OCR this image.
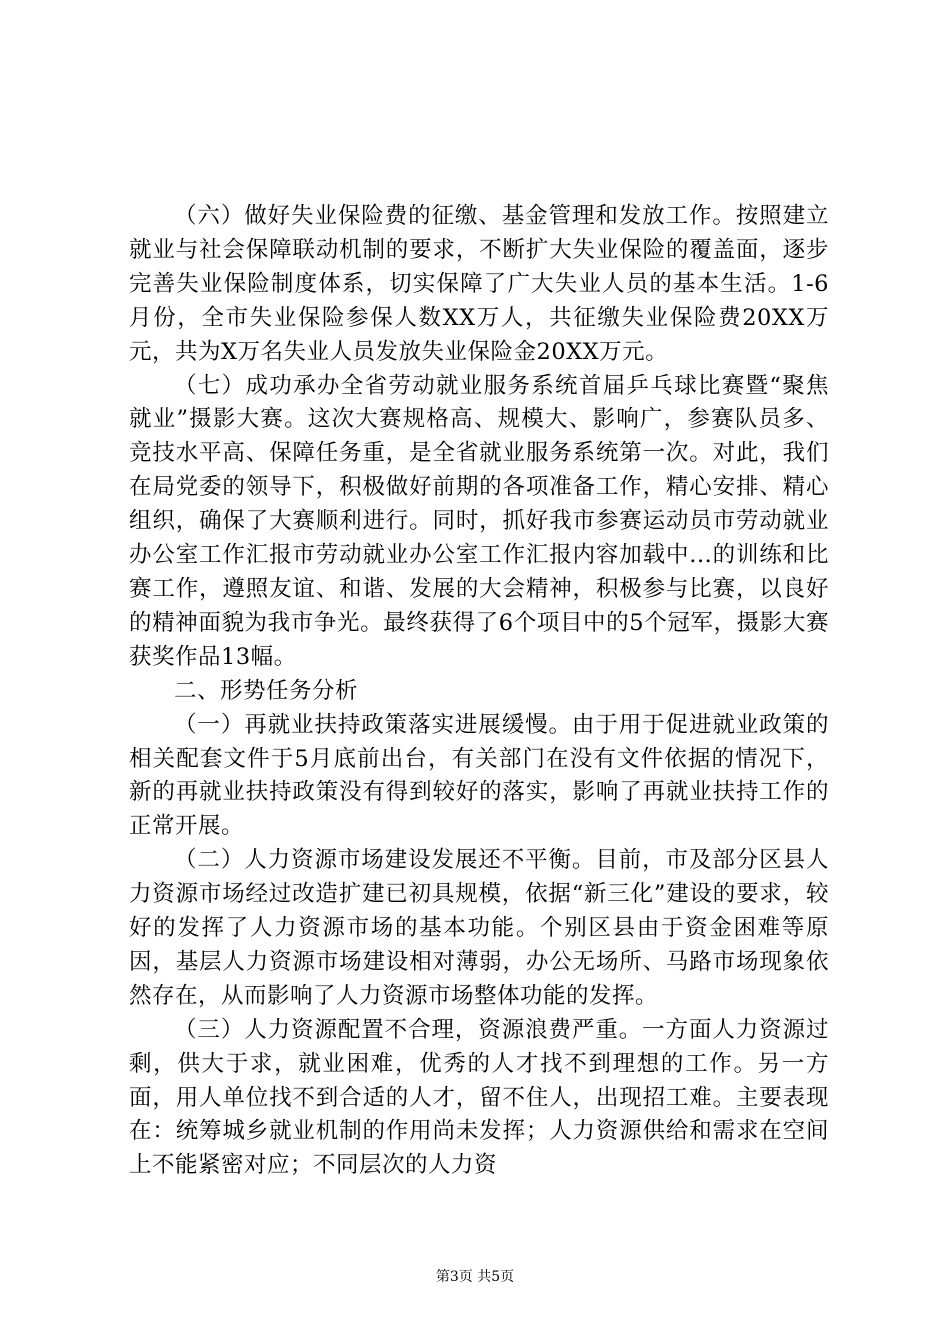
（六）做好失业保险费的征缴、基金管理和发放工作。按照建立就业与社会保障联动机制的要求，不断扩大失业保险的覆盖面，逐步完善失业保险制度体系，切实保障了广大失业人员的基本生活。1-6月份，全市失业保险参保人数XX万人，共征缴失业保险费20XX万元，共为X万名失业人员发放失业保险金20XX万元。

（七）成功承办全省劳动就业服务系统首届乒乓球比赛暨“聚焦就业”摄影大赛。这次大赛规格高、规模大、影响广，参赛队员多、竞技水平高、保障任务重，是全省就业服务系统第一次。对此，我们在局党委的领导下，积极做好前期的各项准备工作，精心安排、精心组织，确保了大赛顺利进行。同时，抓好我市参赛运动员市劳动就业办公室工作汇报市劳动就业办公室工作汇报内容加载中...的训练和比赛工作，遵照友谊、和谐、发展的大会精神，积极参与比赛，以良好的精神面貌为我市争光。最终获得了6个项目中的5个冠军，摄影大赛获奖作品13幅。

二、形势任务分析

（一）再就业扶持政策落实进展缓慢。由于用于促进就业政策的相关配套文件于5月底前出台，有关部门在没有文件依据的情况下，新的再就业扶持政策没有得到较好的落实，影响了再就业扶持工作的正常开展。

（二）人力资源市场建设发展还不平衡。目前，市及部分区县人力资源市场经过改造扩建已初具规模，依据“新三化”建设的要求，较好的发挥了人力资源市场的基本功能。个别区县由于资金困难等原因，基层人力资源市场建设相对薄弱，办公无场所、马路市场现象依然存在，从而影响了人力资源市场整体功能的发挥。

（三）人力资源配置不合理，资源浪费严重。一方面人力资源过剩，供大于求，就业困难，优秀的人才找不到理想的工作。另一方面，用人单位找不到合适的人才，留不住人，出现招工难。主要表现在：统筹城乡就业机制的作用尚未发挥；人力资源供给和需求在空间上不能紧密对应；不同层次的人力资

第3页 共5页
